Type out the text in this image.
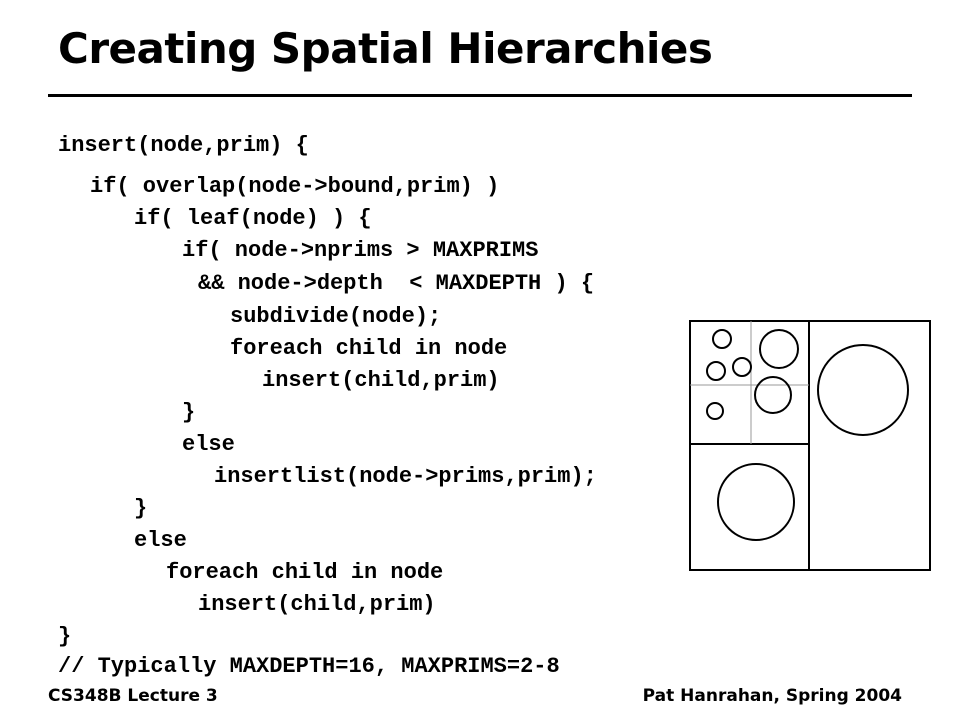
Creating Spatial Hierarchies
insert(node,prim) {
if( overlap(node->bound,prim) )
if( leaf(node) ) {
if( node->nprims > MAXPRIMS
&& node->depth  < MAXDEPTH ) {
subdivide(node);
foreach child in node
insert(child,prim)
}
else
insertlist(node->prims,prim);
}
else
foreach child in node
insert(child,prim)
}
// Typically MAXDEPTH=16, MAXPRIMS=2-8
CS348B Lecture 3	Pat Hanrahan, Spring 2004
